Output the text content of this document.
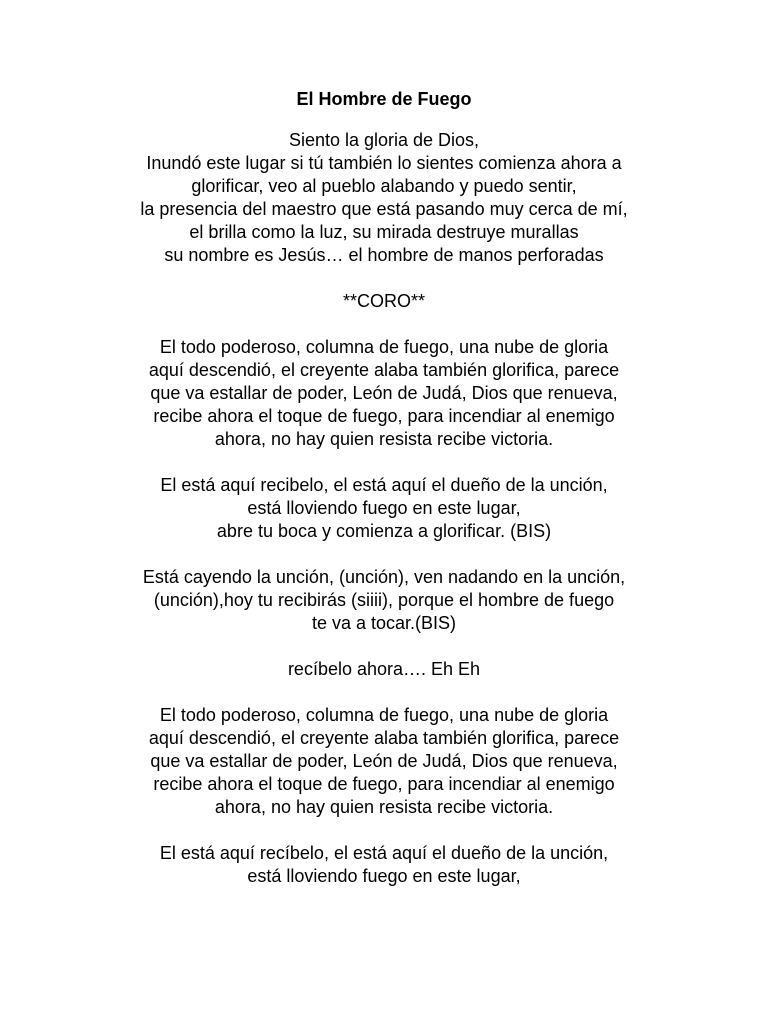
El Hombre de Fuego

Siento la gloria de Dios,
Inundó este lugar si tú también lo sientes comienza ahora a
glorificar, veo al pueblo alabando y puedo sentir,
la presencia del maestro que está pasando muy cerca de mí,
el brilla como la luz, su mirada destruye murallas
su nombre es Jesús… el hombre de manos perforadas

**CORO**

El todo poderoso, columna de fuego, una nube de gloria
aquí descendió, el creyente alaba también glorifica, parece
que va estallar de poder, León de Judá, Dios que renueva,
recibe ahora el toque de fuego, para incendiar al enemigo
ahora, no hay quien resista recibe victoria.

El está aquí recibelo, el está aquí el dueño de la unción,
está lloviendo fuego en este lugar,
abre tu boca y comienza a glorificar. (BIS)

Está cayendo la unción, (unción), ven nadando en la unción,
(unción),hoy tu recibirás (siiii), porque el hombre de fuego
te va a tocar.(BIS)

recíbelo ahora…. Eh Eh

El todo poderoso, columna de fuego, una nube de gloria
aquí descendió, el creyente alaba también glorifica, parece
que va estallar de poder, León de Judá, Dios que renueva,
recibe ahora el toque de fuego, para incendiar al enemigo
ahora, no hay quien resista recibe victoria.

El está aquí recíbelo, el está aquí el dueño de la unción,
está lloviendo fuego en este lugar,
